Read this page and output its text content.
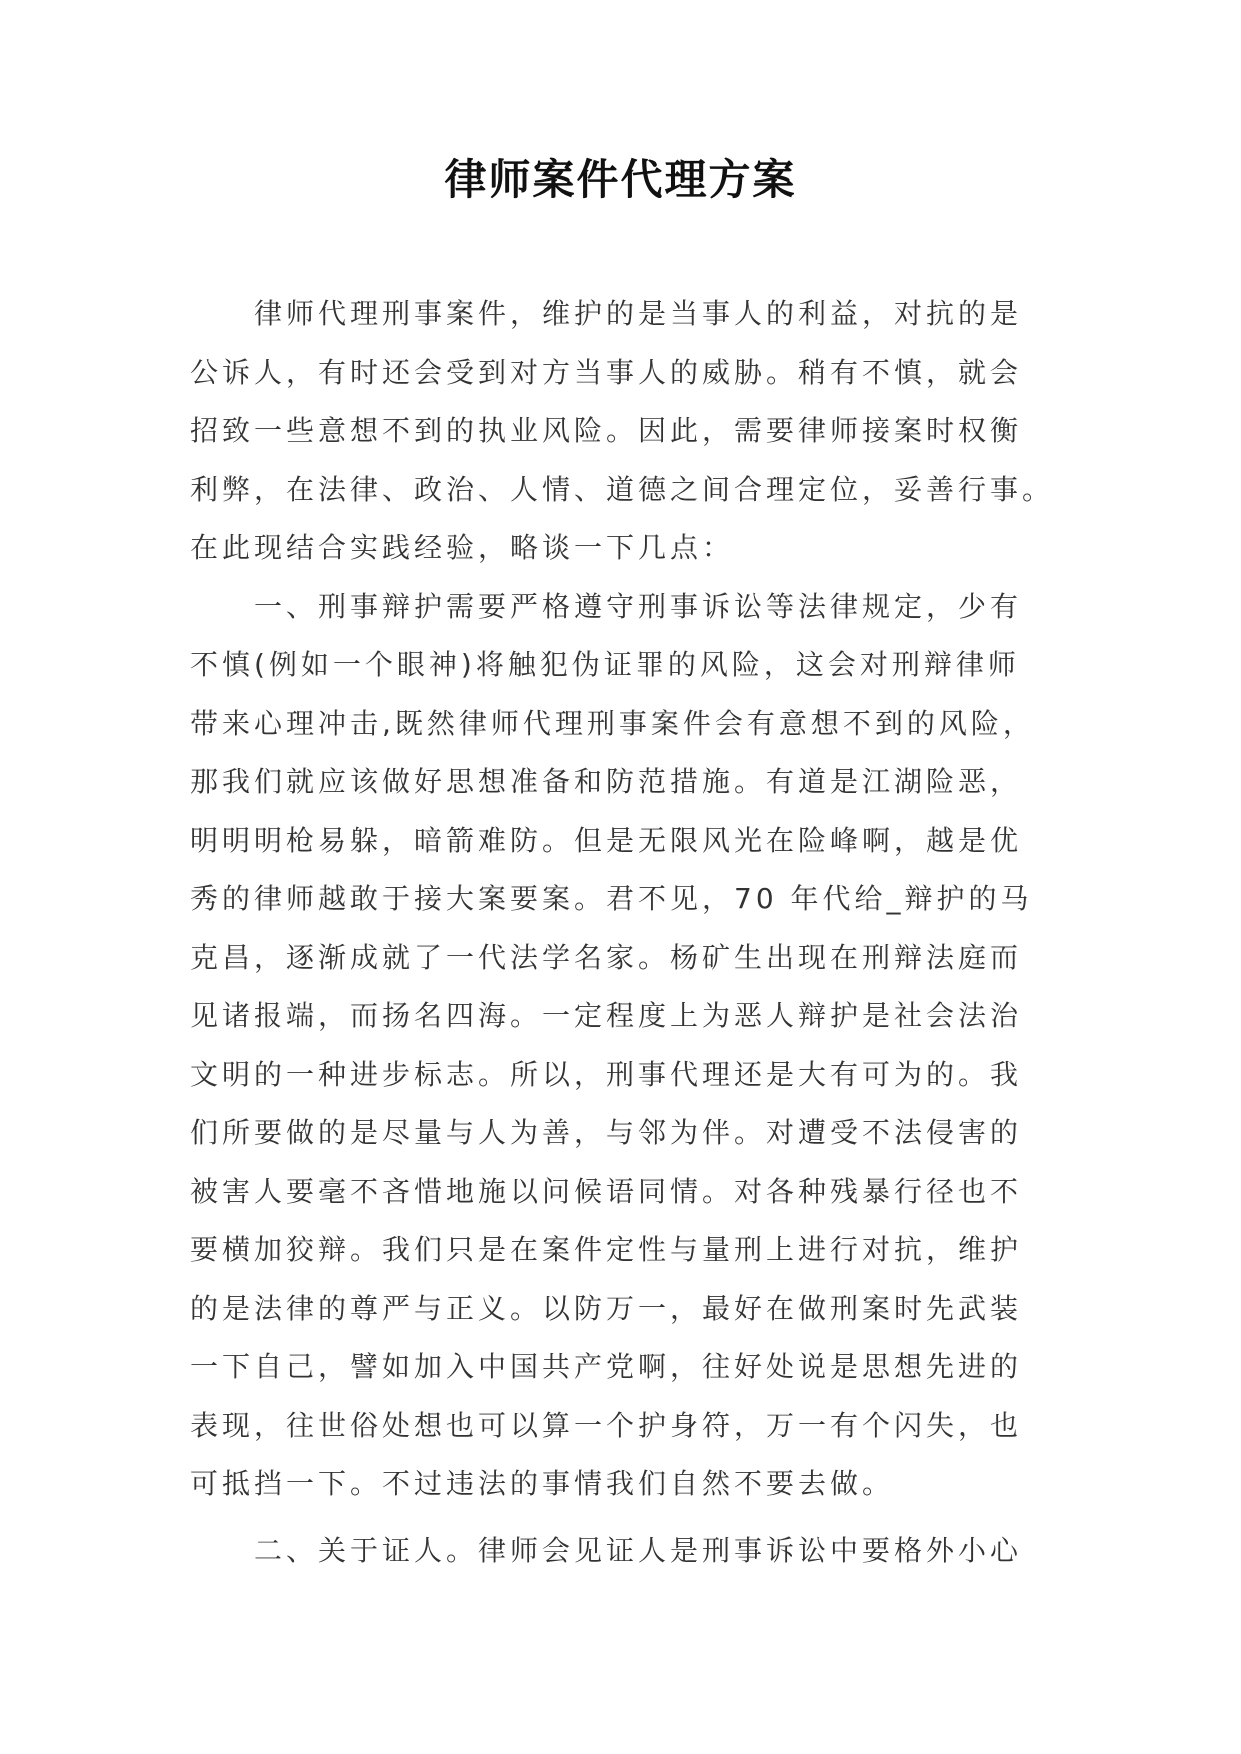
律师案件代理方案
律师代理刑事案件，维护的是当事人的利益，对抗的是
公诉人，有时还会受到对方当事人的威胁。稍有不慎，就会
招致一些意想不到的执业风险。因此，需要律师接案时权衡
利弊，在法律、政治、人情、道德之间合理定位，妥善行事。
在此现结合实践经验，略谈一下几点：
一、刑事辩护需要严格遵守刑事诉讼等法律规定，少有
不慎(例如一个眼神)将触犯伪证罪的风险，这会对刑辩律师
带来心理冲击,既然律师代理刑事案件会有意想不到的风险，
那我们就应该做好思想准备和防范措施。有道是江湖险恶，
明明明枪易躲，暗箭难防。但是无限风光在险峰啊，越是优
秀的律师越敢于接大案要案。君不见，70 年代给_辩护的马
克昌，逐渐成就了一代法学名家。杨矿生出现在刑辩法庭而
见诸报端，而扬名四海。一定程度上为恶人辩护是社会法治
文明的一种进步标志。所以，刑事代理还是大有可为的。我
们所要做的是尽量与人为善，与邻为伴。对遭受不法侵害的
被害人要毫不吝惜地施以问候语同情。对各种残暴行径也不
要横加狡辩。我们只是在案件定性与量刑上进行对抗，维护
的是法律的尊严与正义。以防万一，最好在做刑案时先武装
一下自己，譬如加入中国共产党啊，往好处说是思想先进的
表现，往世俗处想也可以算一个护身符，万一有个闪失，也
可抵挡一下。不过违法的事情我们自然不要去做。
二、关于证人。律师会见证人是刑事诉讼中要格外小心
